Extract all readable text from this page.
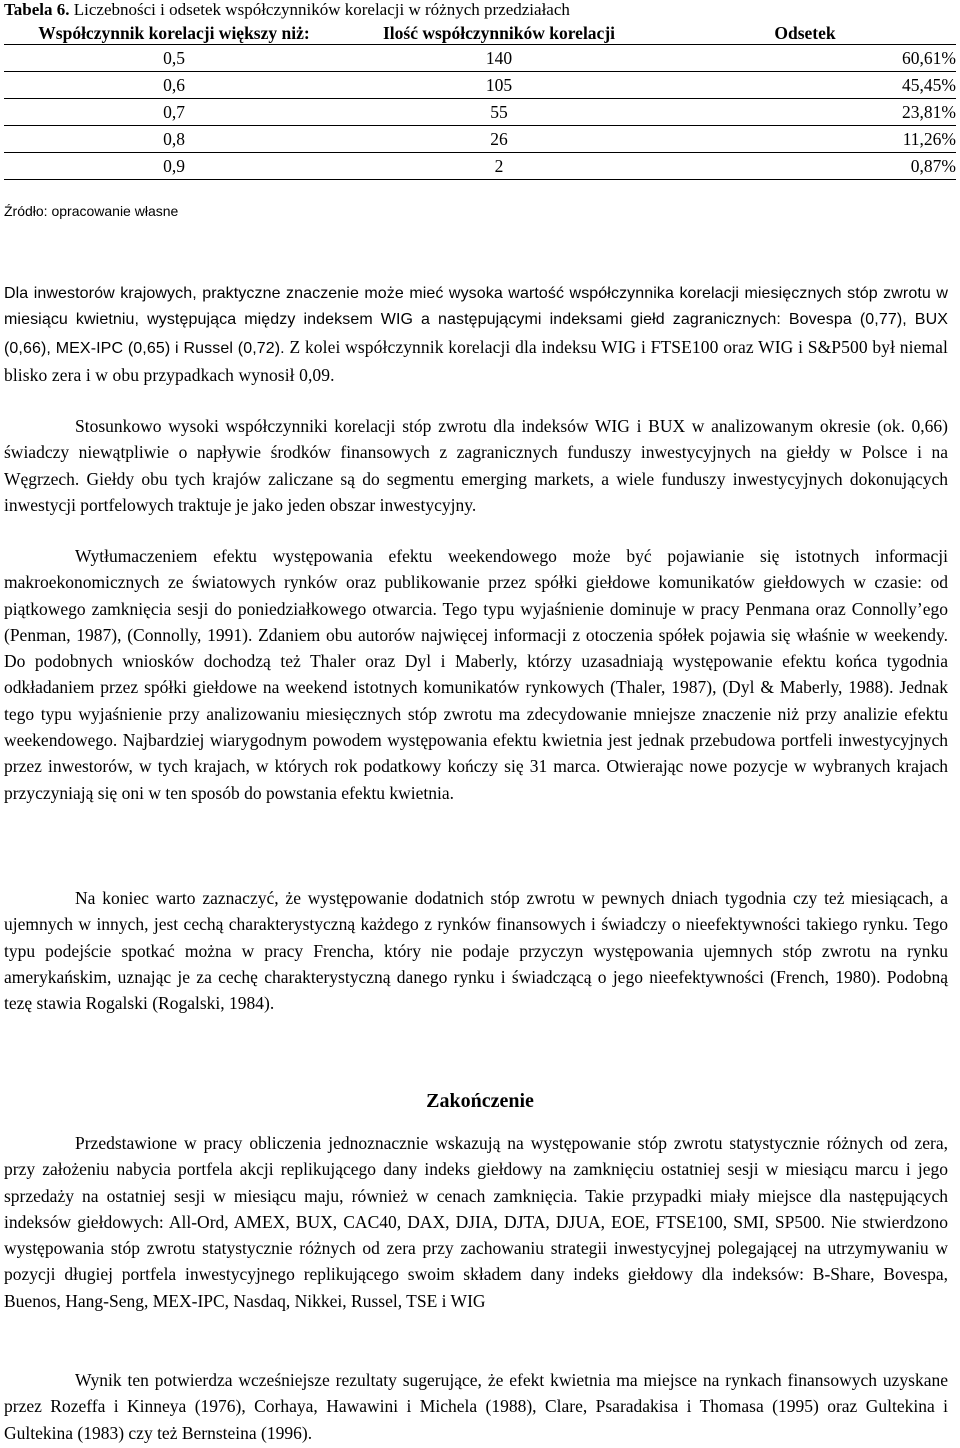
Tabela 6. Liczebności i odsetek współczynników korelacji w różnych przedziałach
Współczynnik korelacji większy niż:	Ilość współczynników korelacji	Odsetek
0,5	140	60,61%
0,6	105	45,45%
0,7	55	23,81%
0,8	26	11,26%
0,9	2	0,87%
Źródło: opracowanie własne

Dla inwestorów krajowych, praktyczne znaczenie może mieć wysoka wartość współczynnika korelacji miesięcznych stóp zwrotu w miesiącu kwietniu, występująca między indeksem WIG a następującymi indeksami giełd zagranicznych: Bovespa (0,77), BUX (0,66), MEX-IPC (0,65) i Russel (0,72). Z kolei współczynnik korelacji dla indeksu WIG i FTSE100 oraz WIG i S&P500 był niemal blisko zera i w obu przypadkach wynosił 0,09.

Stosunkowo wysoki współczynniki korelacji stóp zwrotu dla indeksów WIG i BUX w analizowanym okresie (ok. 0,66) świadczy niewątpliwie o napływie środków finansowych z zagranicznych funduszy inwestycyjnych na giełdy w Polsce i na Węgrzech. Giełdy obu tych krajów zaliczane są do segmentu emerging markets, a wiele funduszy inwestycyjnych dokonujących inwestycji portfelowych traktuje je jako jeden obszar inwestycyjny.
Wytłumaczeniem efektu występowania efektu weekendowego może być pojawianie się istotnych informacji makroekonomicznych ze światowych rynków oraz publikowanie przez spółki giełdowe komunikatów giełdowych w czasie: od piątkowego zamknięcia sesji do poniedziałkowego otwarcia. Tego typu wyjaśnienie dominuje w pracy Penmana oraz Connolly’ego (Penman, 1987), (Connolly, 1991). Zdaniem obu autorów najwięcej informacji z otoczenia spółek pojawia się właśnie w weekendy. Do podobnych wniosków dochodzą też Thaler oraz Dyl i Maberly, którzy uzasadniają występowanie efektu końca tygodnia odkładaniem przez spółki giełdowe na weekend istotnych komunikatów rynkowych (Thaler, 1987), (Dyl & Maberly, 1988). Jednak tego typu wyjaśnienie przy analizowaniu miesięcznych stóp zwrotu ma zdecydowanie mniejsze znaczenie niż przy analizie efektu weekendowego. Najbardziej wiarygodnym powodem występowania efektu kwietnia jest jednak przebudowa portfeli inwestycyjnych przez inwestorów, w tych krajach, w których rok podatkowy kończy się 31 marca. Otwierając nowe pozycje w wybranych krajach przyczyniają się oni w ten sposób do powstania efektu kwietnia.
Na koniec warto zaznaczyć, że występowanie dodatnich stóp zwrotu w pewnych dniach tygodnia czy też miesiącach, a ujemnych w innych, jest cechą charakterystyczną każdego z rynków finansowych i świadczy o nieefektywności takiego rynku. Tego typu podejście spotkać można w pracy Frencha, który nie podaje przyczyn występowania ujemnych stóp zwrotu na rynku amerykańskim, uznając je za cechę charakterystyczną danego rynku i świadczącą o jego nieefektywności (French, 1980). Podobną tezę stawia Rogalski (Rogalski, 1984).
Zakończenie
Przedstawione w pracy obliczenia jednoznacznie wskazują na występowanie stóp zwrotu statystycznie różnych od zera, przy założeniu nabycia portfela akcji replikującego dany indeks giełdowy na zamknięciu ostatniej sesji w miesiącu marcu i jego sprzedaży na ostatniej sesji w miesiącu maju, również w cenach zamknięcia. Takie przypadki miały miejsce dla następujących indeksów giełdowych: All-Ord, AMEX, BUX, CAC40, DAX, DJIA, DJTA, DJUA, EOE, FTSE100, SMI, SP500. Nie stwierdzono występowania stóp zwrotu statystycznie różnych od zera przy zachowaniu strategii inwestycyjnej polegającej na utrzymywaniu w pozycji długiej portfela inwestycyjnego replikującego swoim składem dany indeks giełdowy dla indeksów: B-Share, Bovespa, Buenos, Hang-Seng, MEX-IPC, Nasdaq, Nikkei, Russel, TSE i WIG
Wynik ten potwierdza wcześniejsze rezultaty sugerujące, że efekt kwietnia ma miejsce na rynkach finansowych uzyskane przez Rozeffa i Kinneya (1976), Corhaya, Hawawini i Michela (1988), Clare, Psaradakisa i Thomasa (1995) oraz Gultekina i Gultekina (1983) czy też Bernsteina (1996).
